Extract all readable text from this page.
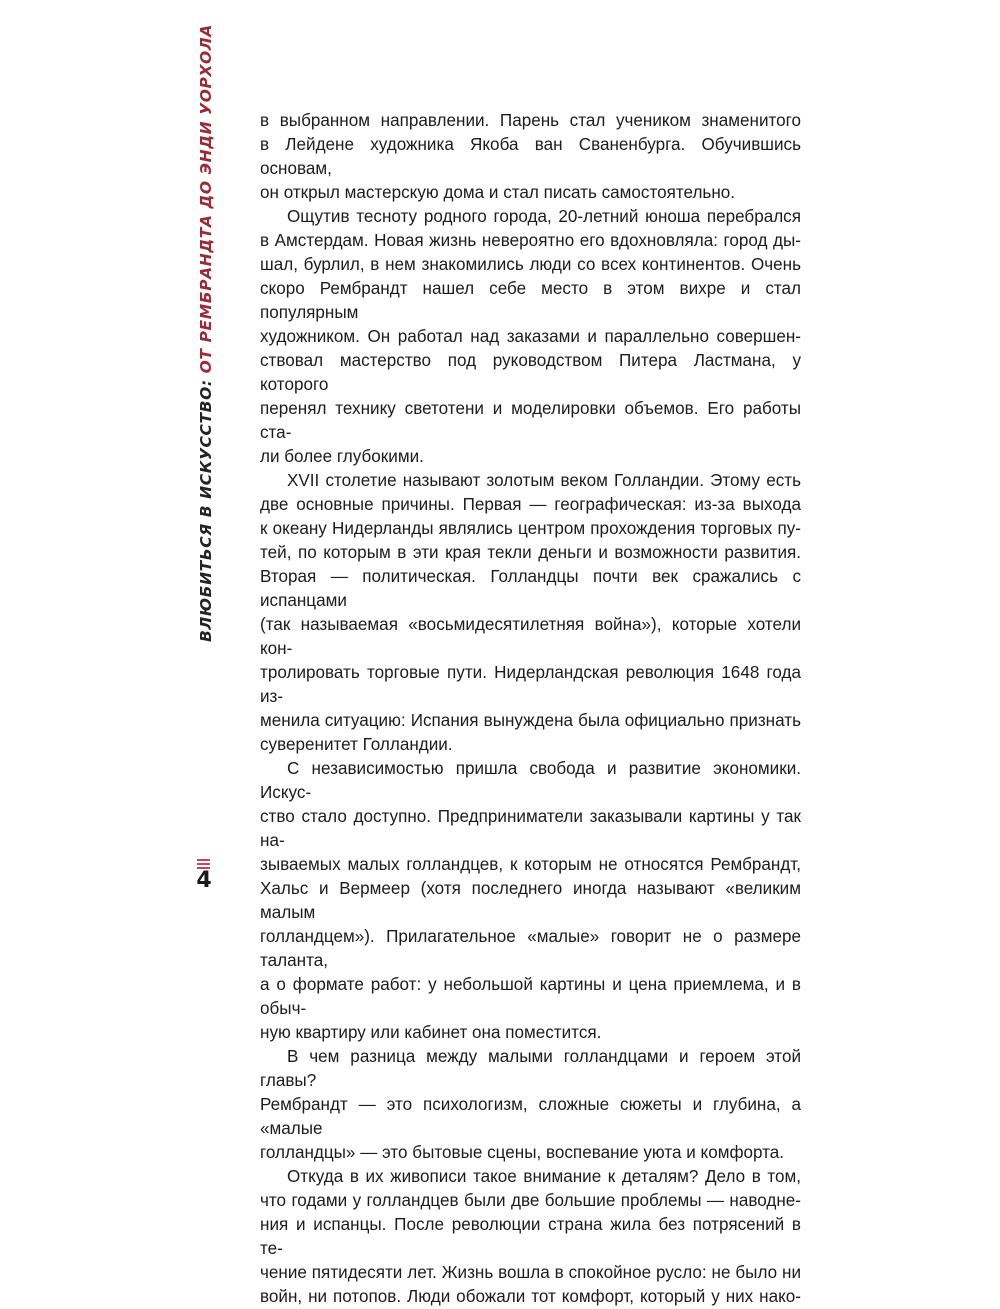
ВЛЮБИТЬСЯ В ИСКУССТВО: ОТ РЕМБРАНДТА ДО ЭНДИ УОРХОЛА
4
в выбранном направлении. Парень стал учеником знаменитого
в Лейдене художника Якоба ван Сваненбурга. Обучившись основам,
он открыл мастерскую дома и стал писать самостоятельно.
Ощутив тесноту родного города, 20-летний юноша перебрался
в Амстердам. Новая жизнь невероятно его вдохновляла: город ды-
шал, бурлил, в нем знакомились люди со всех континентов. Очень
скоро Рембрандт нашел себе место в этом вихре и стал популярным
художником. Он работал над заказами и параллельно совершен-
ствовал мастерство под руководством Питера Ластмана, у которого
перенял технику светотени и моделировки объемов. Его работы ста-
ли более глубокими.
XVII столетие называют золотым веком Голландии. Этому есть
две основные причины. Первая — географическая: из-за выхода
к океану Нидерланды являлись центром прохождения торговых пу-
тей, по которым в эти края текли деньги и возможности развития.
Вторая — политическая. Голландцы почти век сражались с испанцами
(так называемая «восьмидесятилетняя война»), которые хотели кон-
тролировать торговые пути. Нидерландская революция 1648 года из-
менила ситуацию: Испания вынуждена была официально признать
суверенитет Голландии.
С независимостью пришла свобода и развитие экономики. Искус-
ство стало доступно. Предприниматели заказывали картины у так на-
зываемых малых голландцев, к которым не относятся Рембрандт,
Хальс и Вермеер (хотя последнего иногда называют «великим малым
голландцем»). Прилагательное «малые» говорит не о размере таланта,
а о формате работ: у небольшой картины и цена приемлема, и в обыч-
ную квартиру или кабинет она поместится.
В чем разница между малыми голландцами и героем этой главы?
Рембрандт — это психологизм, сложные сюжеты и глубина, а «малые
голландцы» — это бытовые сцены, воспевание уюта и комфорта.
Откуда в их живописи такое внимание к деталям? Дело в том,
что годами у голландцев были две большие проблемы — наводне-
ния и испанцы. После революции страна жила без потрясений в те-
чение пятидесяти лет. Жизнь вошла в спокойное русло: не было ни
войн, ни потопов. Люди обожали тот комфорт, который у них нако-
